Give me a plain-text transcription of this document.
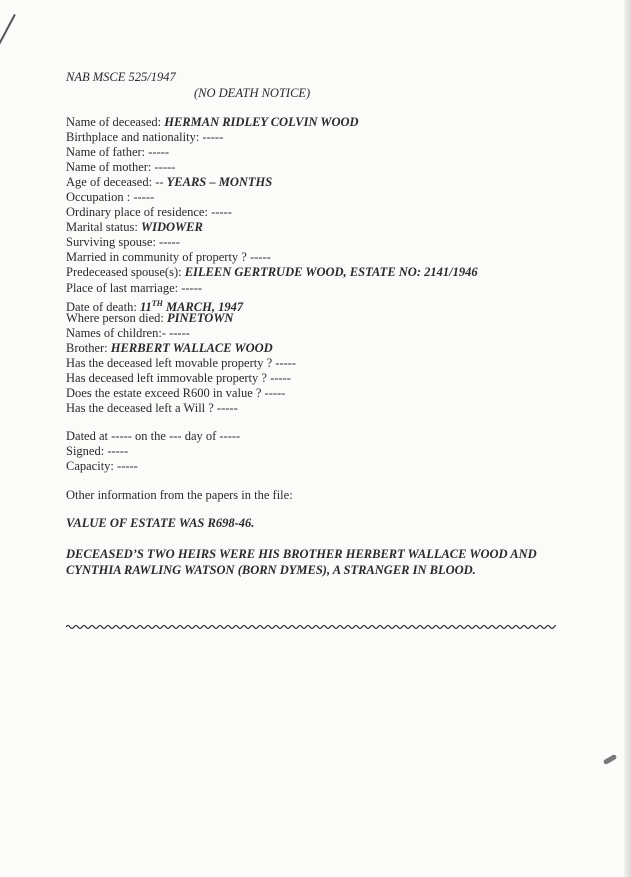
NAB MSCE 525/1947
(NO DEATH NOTICE)
Name of deceased: HERMAN RIDLEY COLVIN WOOD
Birthplace and nationality: -----
Name of father: -----
Name of mother: -----
Age of deceased: -- YEARS – MONTHS
Occupation : -----
Ordinary place of residence: -----
Marital status: WIDOWER
Surviving spouse: -----
Married in community of property ? -----
Predeceased spouse(s): EILEEN GERTRUDE WOOD, ESTATE NO: 2141/1946
Place of last marriage: -----
Date of death: 11TH MARCH, 1947
Where person died: PINETOWN
Names of children:- -----
Brother: HERBERT WALLACE WOOD
Has the deceased left movable property ? -----
Has deceased left immovable property ? -----
Does the estate exceed R600 in value ? -----
Has the deceased left a Will ? -----
Dated at ----- on the --- day of -----
Signed: -----
Capacity: -----
Other information from the papers in the file:
VALUE OF ESTATE WAS R698-46.
DECEASED’S TWO HEIRS WERE HIS BROTHER HERBERT WALLACE WOOD AND CYNTHIA RAWLING WATSON (BORN DYMES), A STRANGER IN BLOOD.
